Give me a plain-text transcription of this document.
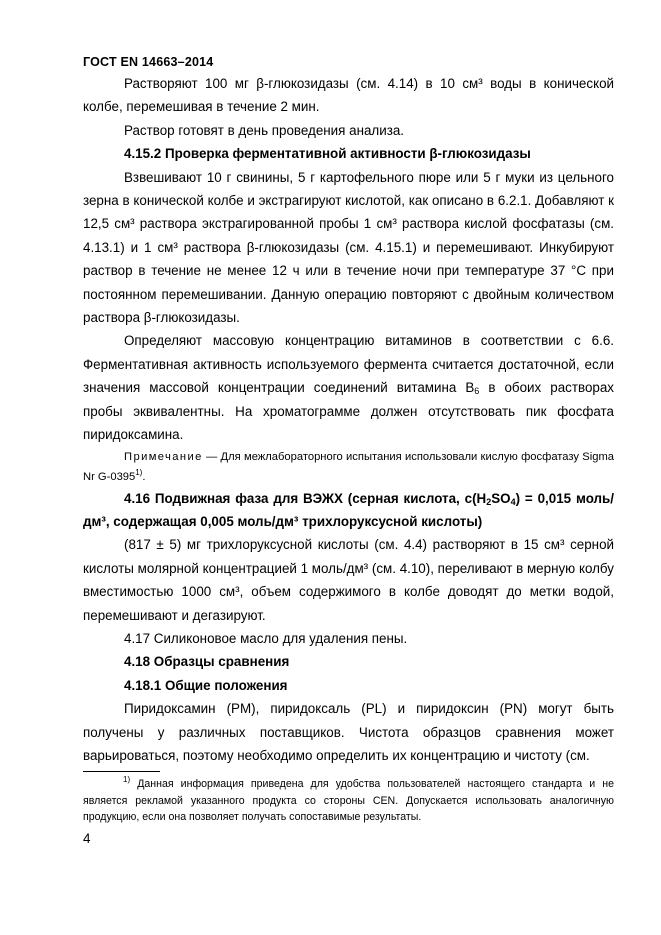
ГОСТ EN 14663–2014

Растворяют 100 мг β-глюкозидазы (см. 4.14) в 10 см³ воды в конической колбе, перемешивая в течение 2 мин.

Раствор готовят в день проведения анализа.

4.15.2 Проверка ферментативной активности β-глюкозидазы

Взвешивают 10 г свинины, 5 г картофельного пюре или 5 г муки из цельного зерна в конической колбе и экстрагируют кислотой, как описано в 6.2.1. Добавляют к 12,5 см³ раствора экстрагированной пробы 1 см³ раствора кислой фосфатазы (см. 4.13.1) и 1 см³ раствора β-глюкозидазы (см. 4.15.1) и перемешивают. Инкубируют раствор в течение не менее 12 ч или в течение ночи при температуре 37 °С при постоянном перемешивании. Данную операцию повторяют с двойным количеством раствора β-глюкозидазы.

Определяют массовую концентрацию витаминов в соответствии с 6.6. Ферментативная активность используемого фермента считается достаточной, если значения массовой концентрации соединений витамина $В_6$ в обоих растворах пробы эквивалентны. На хроматограмме должен отсутствовать пик фосфата пиридоксамина.

Примечание — Для межлабораторного испытания использовали кислую фосфатазу Sigma Nr G-0395$^{1)}$.

4.16 Подвижная фаза для ВЭЖХ (серная кислота, $с(H_2SO_4) = 0,015$ моль/дм³, содержащая 0,005 моль/дм³ трихлоруксусной кислоты)

(817 ± 5) мг трихлоруксусной кислоты (см. 4.4) растворяют в 15 см³ серной кислоты молярной концентрацией 1 моль/дм³ (см. 4.10), переливают в мерную колбу вместимостью 1000 см³, объем содержимого в колбе доводят до метки водой, перемешивают и дегазируют.

4.17 Силиконовое масло для удаления пены.

4.18 Образцы сравнения

4.18.1 Общие положения

Пиридоксамин (PM), пиридоксаль (PL) и пиридоксин (PN) могут быть получены у различных поставщиков. Чистота образцов сравнения может варьироваться, поэтому необходимо определить их концентрацию и чистоту (см.

$^{1)}$ Данная информация приведена для удобства пользователей настоящего стандарта и не является рекламой указанного продукта со стороны CEN. Допускается использовать аналогичную продукцию, если она позволяет получать сопоставимые результаты.

4
